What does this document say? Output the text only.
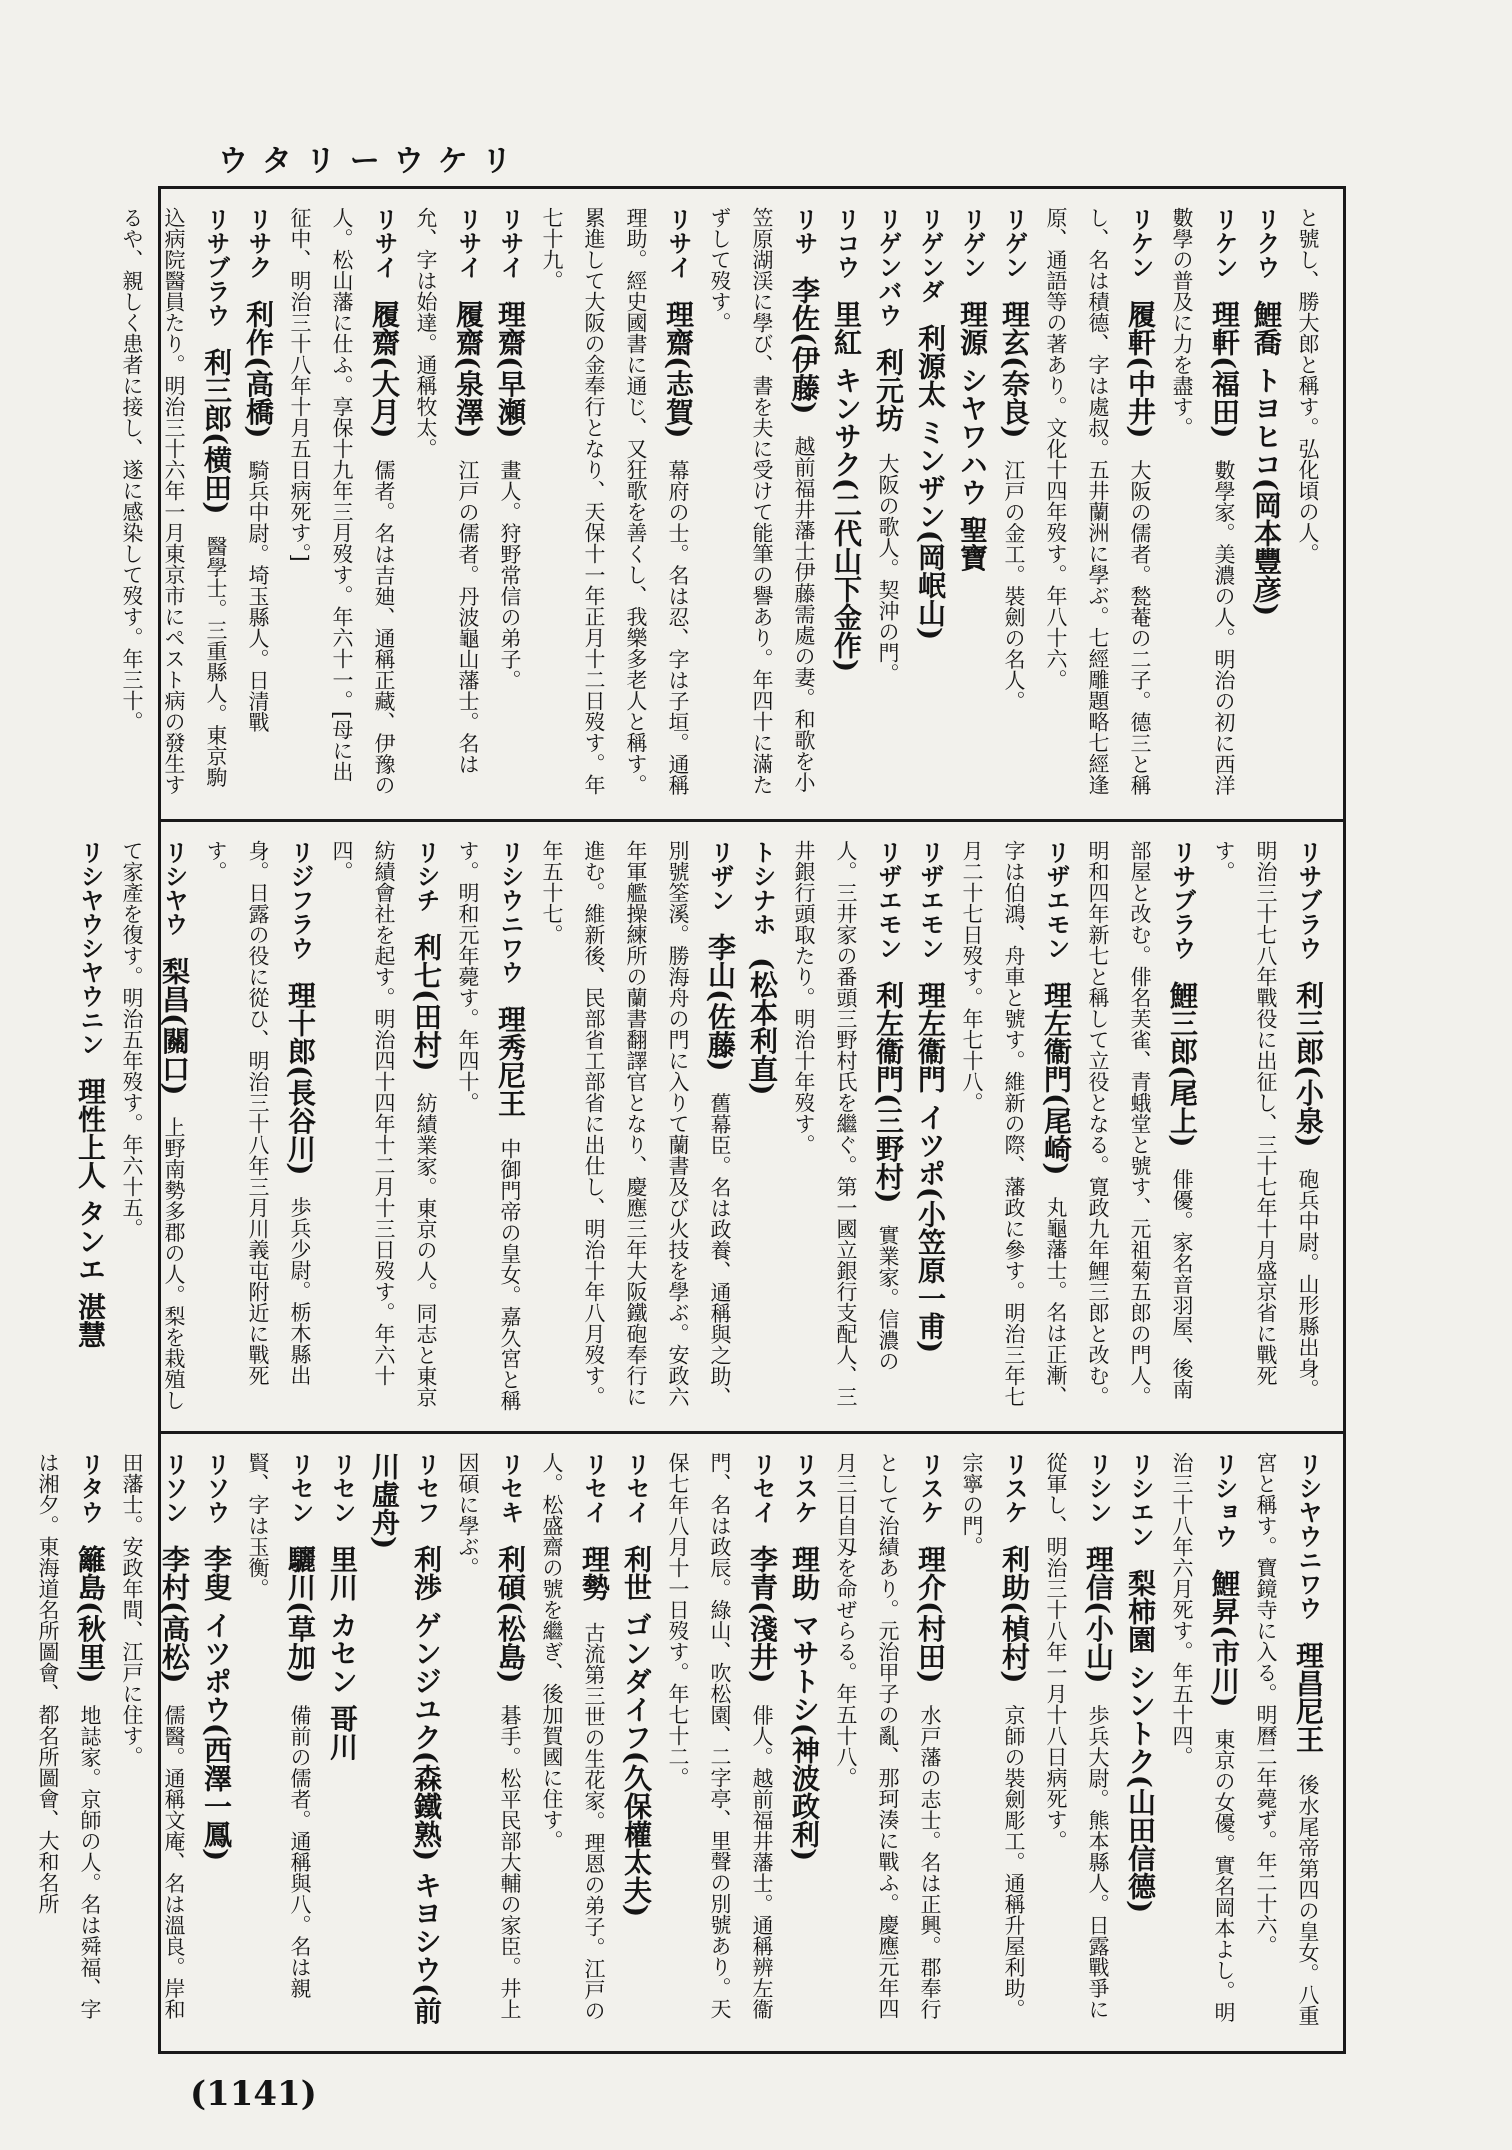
ウタリーウケリ

と號し、勝大郎と稱す。弘化頃の人。

リクウ　鯉喬 トヨヒコ(岡本豐彦)　

リケン　理軒(福田)　數學家。美濃の人。明治の初に西洋數學の普及に力を盡す。

リケン　履軒(中井)　大阪の儒者。甃菴の二子。德三と稱し、名は積德、字は處叔。五井蘭洲に學ぶ。七經雕題略七經逢原、通語等の著あり。文化十四年歿す。年八十六。

リゲン　理玄(奈良)　江戸の金工。裝劍の名人。

リゲン　理源 シヤワハウ 聖寶　

リゲンダ　利源太 ミンザン(岡岷山)　

リゲンバウ　利元坊　大阪の歌人。契沖の門。

リコウ　里紅 キンサク(二代山下金作)　

リサ　李佐(伊藤)　越前福井藩士伊藤需處の妻。和歌を小笠原湖渓に學び、書を夫に受けて能筆の譽あり。年四十に滿たずして歿す。

リサイ　理齋(志賀)　幕府の士。名は忍、字は子垣。通稱理助。經史國書に通じ、又狂歌を善くし、我樂多老人と稱す。累進して大阪の金奉行となり、天保十一年正月十二日歿す。年七十九。

リサイ　理齋(早瀬)　畫人。狩野常信の弟子。

リサイ　履齋(泉澤)　江戸の儒者。丹波龜山藩士。名は允、字は始達。通稱牧太。

リサイ　履齋(大月)　儒者。名は吉廸、通稱正藏、伊豫の人。松山藩に仕ふ。享保十九年三月歿す。年六十一。[母に出征中、明治三十八年十月五日病死す。]

リサク　利作(高橋)　騎兵中尉。埼玉縣人。日清戰

リサブラウ　利三郎(横田)　醫學士。三重縣人。東京駒込病院醫員たり。明治三十六年一月東京市にペスト病の發生するや、親しく患者に接し、遂に感染して歿す。年三十。

リサブラウ　利三郎(小泉)　砲兵中尉。山形縣出身。明治三十七八年戰役に出征し、三十七年十月盛京省に戰死す。

リサブラウ　鯉三郎(尾上)　俳優。家名音羽屋、後南部屋と改む。俳名芙雀、青蛾堂と號す、元祖菊五郎の門人。明和四年新七と稱して立役となる。寛政九年鯉三郎と改む。

リザエモン　理左衞門(尾崎)　丸龜藩士。名は正漸、字は伯鴻、舟車と號す。維新の際、藩政に參す。明治三年七月二十七日歿す。年七十八。

リザエモン　理左衞門 イツポ(小笠原一甫)　

リザエモン　利左衞門(三野村)　實業家。信濃の人。三井家の番頭三野村氏を繼ぐ。第一國立銀行支配人、三井銀行頭取たり。明治十年歿す。

トシナホ　(松本利直)　

リザン　李山(佐藤)　舊幕臣。名は政養、通稱與之助、別號筌溪。勝海舟の門に入りて蘭書及び火技を學ぶ。安政六年軍艦操練所の蘭書翻譯官となり、慶應三年大阪鐵砲奉行に進む。維新後、民部省工部省に出仕し、明治十年八月歿す。年五十七。

リシウニワウ　理秀尼王　中御門帝の皇女。嘉久宮と稱す。明和元年薨す。年四十。

リシチ　利七(田村)　紡績業家。東京の人。同志と東京紡績會社を起す。明治四十四年十二月十三日歿す。年六十四。

リジフラウ　理十郎(長谷川)　歩兵少尉。栃木縣出身。日露の役に從ひ、明治三十八年三月川義屯附近に戰死す。

リシヤウ　梨昌(關口)　上野南勢多郡の人。梨を栽殖して家產を復す。明治五年歿す。年六十五。

リシヤウシヤウニン　理性上人 タンエ 湛慧　

リシヤウニワウ　理昌尼王　後水尾帝第四の皇女。八重宮と稱す。寶鏡寺に入る。明曆二年薨ず。年二十六。

リショウ　鯉昇(市川)　東京の女優。實名岡本よし。明治三十八年六月死す。年五十四。

リシエン　梨柿園 シントク(山田信德)　

リシン　理信(小山)　歩兵大尉。熊本縣人。日露戰爭に從軍し、明治三十八年一月十八日病死す。

リスケ　利助(楨村)　京師の裝劍彫工。通稱升屋利助。宗寧の門。

リスケ　理介(村田)　水戸藩の志士。名は正興。郡奉行として治績あり。元治甲子の亂、那珂湊に戰ふ。慶應元年四月三日自刄を命ぜらる。年五十八。

リスケ　理助 マサトシ(神波政利)　

リセイ　李青(淺井)　俳人。越前福井藩士。通稱辨左衞門、名は政辰。綠山、吹松園、二字亭、里聲の別號あり。天保七年八月十一日歿す。年七十二。

リセイ　利世 ゴンダイフ(久保權太夫)　

リセイ　理勢　古流第三世の生花家。理恩の弟子。江戸の人。松盛齋の號を繼ぎ、後加賀國に住す。

リセキ　利碩(松島)　碁手。松平民部大輔の家臣。井上因碩に學ぶ。

リセフ　利渉 ゲンジユク(森鐵熟) キヨシウ(前川虛舟)　

リセン　里川 カセン 哥川　

リセン　驪川(草加)　備前の儒者。通稱與八。名は親賢、字は玉衡。

リソウ　李叟 イツポウ(西澤一鳳)　

リソン　李村(高松)　儒醫。通稱文庵、名は溫良。岸和田藩士。安政年間、江戸に住す。

リタウ　籬島(秋里)　地誌家。京師の人。名は舜福、字は湘夕。東海道名所圖會、都名所圖會、大和名所

(1141)
